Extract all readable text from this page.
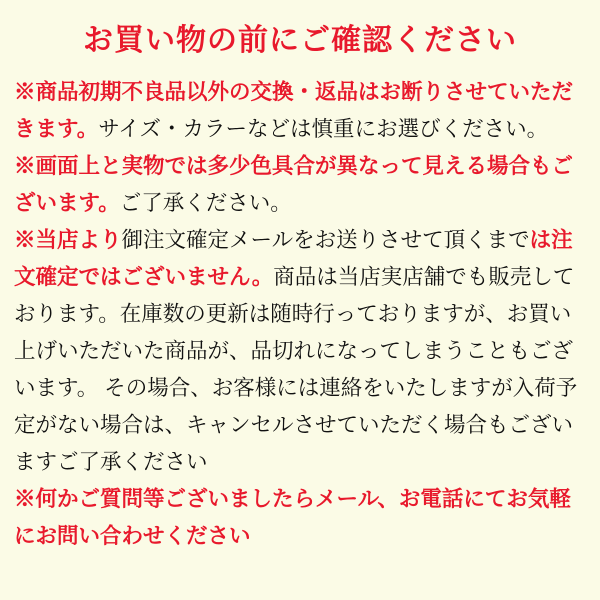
お買い物の前にご確認ください

※商品初期不良品以外の交換・返品はお断りさせていただきます。サイズ・カラーなどは慎重にお選びください。

※画面上と実物では多少色具合が異なって見える場合もございます。ご了承ください。

※当店より御注文確定メールをお送りさせて頂くまでは注文確定ではございません。商品は当店実店舗でも販売しております。在庫数の更新は随時行っておりますが、お買い上げいただいた商品が、品切れになってしまうこともございます。 その場合、お客様には連絡をいたしますが入荷予定がない場合は、キャンセルさせていただく場合もございますご了承ください

※何かご質問等ございましたらメール、お電話にてお気軽にお問い合わせください
